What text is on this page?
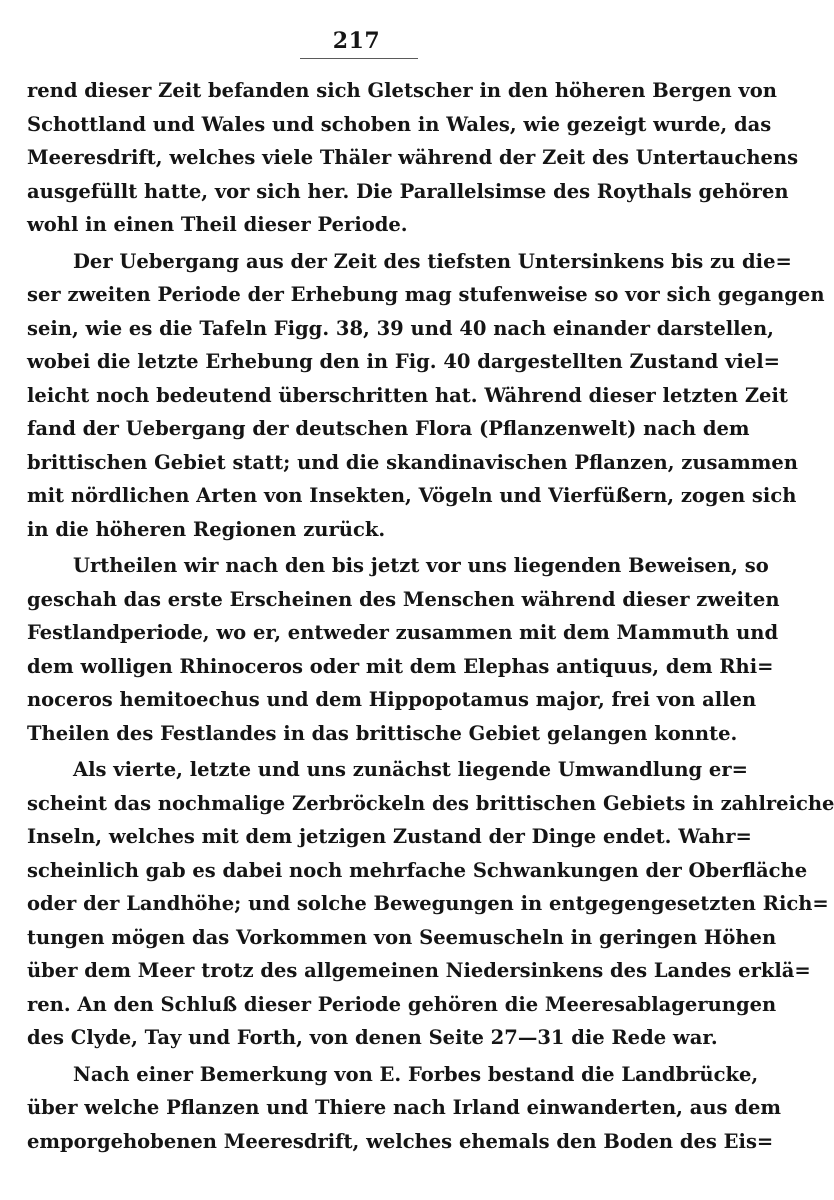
217
rend dieser Zeit befanden sich Gletscher in den höheren Bergen von
Schottland und Wales und schoben in Wales, wie gezeigt wurde, das
Meeresdrift, welches viele Thäler während der Zeit des Untertauchens
ausgefüllt hatte, vor sich her. Die Parallelsimse des Roythals gehören
wohl in einen Theil dieser Periode.
Der Uebergang aus der Zeit des tiefsten Untersinkens bis zu die=
ser zweiten Periode der Erhebung mag stufenweise so vor sich gegangen
sein, wie es die Tafeln Figg. 38, 39 und 40 nach einander darstellen,
wobei die letzte Erhebung den in Fig. 40 dargestellten Zustand viel=
leicht noch bedeutend überschritten hat. Während dieser letzten Zeit
fand der Uebergang der deutschen Flora (Pflanzenwelt) nach dem
brittischen Gebiet statt; und die skandinavischen Pflanzen, zusammen
mit nördlichen Arten von Insekten, Vögeln und Vierfüßern, zogen sich
in die höheren Regionen zurück.
Urtheilen wir nach den bis jetzt vor uns liegenden Beweisen, so
geschah das erste Erscheinen des Menschen während dieser zweiten
Festlandperiode, wo er, entweder zusammen mit dem Mammuth und
dem wolligen Rhinoceros oder mit dem Elephas antiquus, dem Rhi=
noceros hemitoechus und dem Hippopotamus major, frei von allen
Theilen des Festlandes in das brittische Gebiet gelangen konnte.
Als vierte, letzte und uns zunächst liegende Umwandlung er=
scheint das nochmalige Zerbröckeln des brittischen Gebiets in zahlreiche
Inseln, welches mit dem jetzigen Zustand der Dinge endet. Wahr=
scheinlich gab es dabei noch mehrfache Schwankungen der Oberfläche
oder der Landhöhe; und solche Bewegungen in entgegengesetzten Rich=
tungen mögen das Vorkommen von Seemuscheln in geringen Höhen
über dem Meer trotz des allgemeinen Niedersinkens des Landes erklä=
ren. An den Schluß dieser Periode gehören die Meeresablagerungen
des Clyde, Tay und Forth, von denen Seite 27—31 die Rede war.
Nach einer Bemerkung von E. Forbes bestand die Landbrücke,
über welche Pflanzen und Thiere nach Irland einwanderten, aus dem
emporgehobenen Meeresdrift, welches ehemals den Boden des Eis=
